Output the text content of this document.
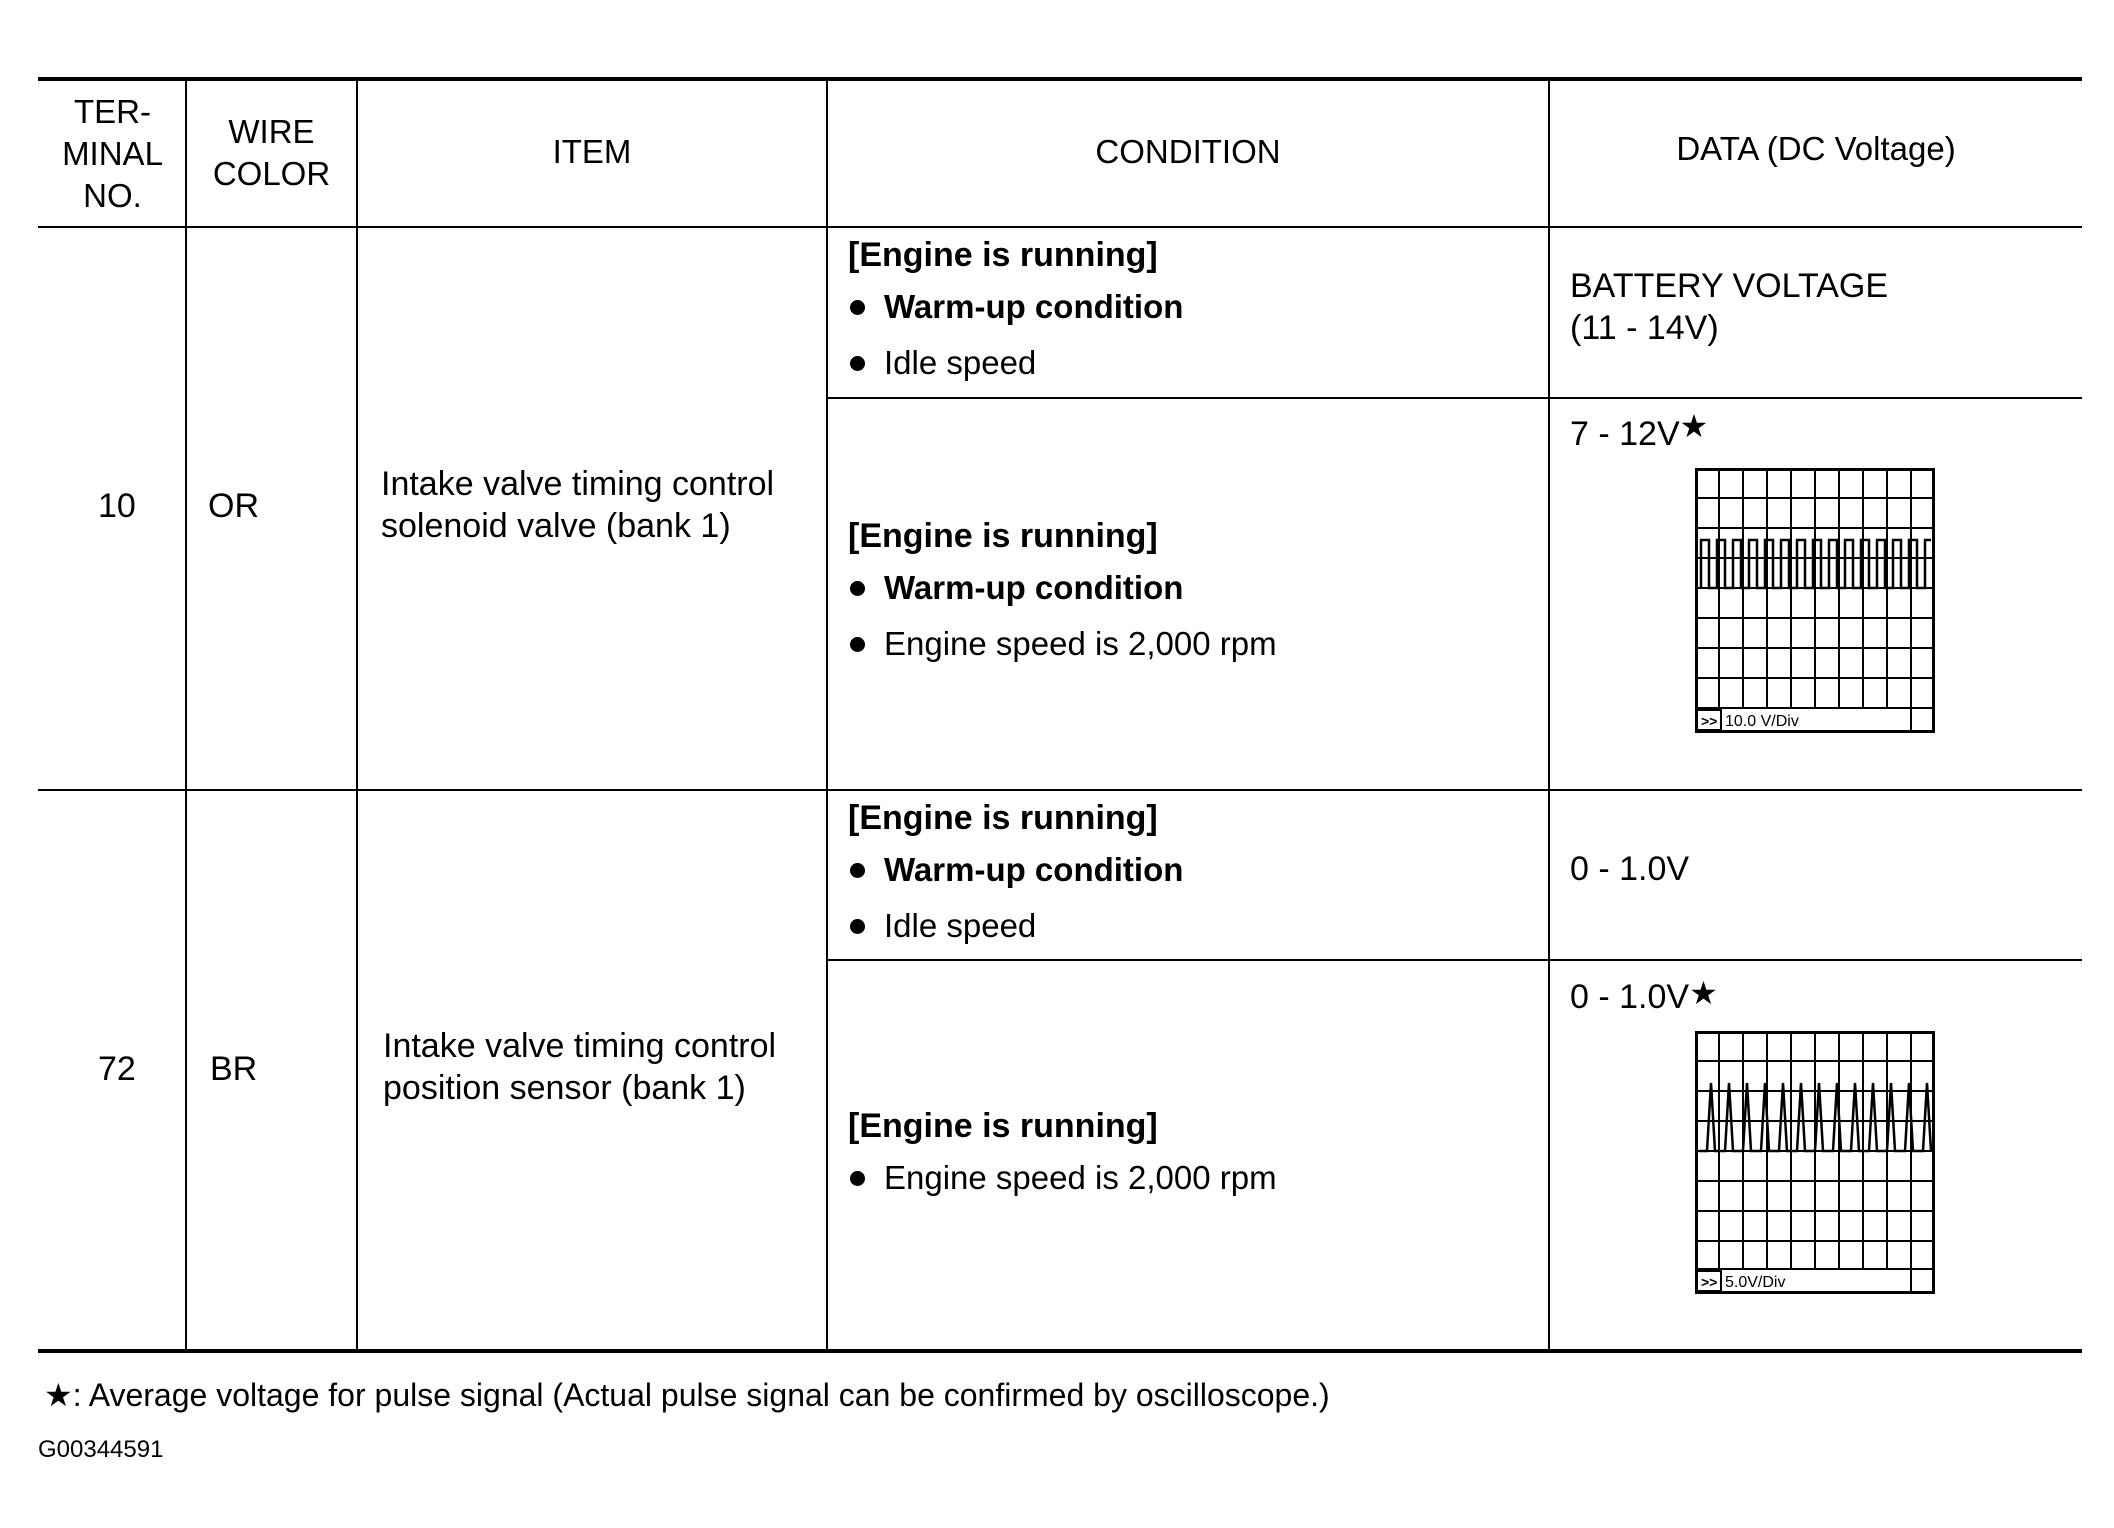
TER-
MINAL
NO.
WIRE
COLOR
ITEM	CONDITION	DATA (DC Voltage)
10 OR
Intake valve timing control
solenoid valve (bank 1)
[Engine is running]
Warm-up condition
Idle speed
BATTERY VOLTAGE
(11 - 14V)
[Engine is running]
Warm-up condition
Engine speed is 2,000 rpm
7 - 12V★
>> 10.0 V/Div
72 BR
Intake valve timing control
position sensor (bank 1)
[Engine is running]
Warm-up condition
Idle speed
0 - 1.0V
[Engine is running]
Engine speed is 2,000 rpm
0 - 1.0V★
>> 5.0V/Div
★: Average voltage for pulse signal (Actual pulse signal can be confirmed by oscilloscope.)
G00344591
